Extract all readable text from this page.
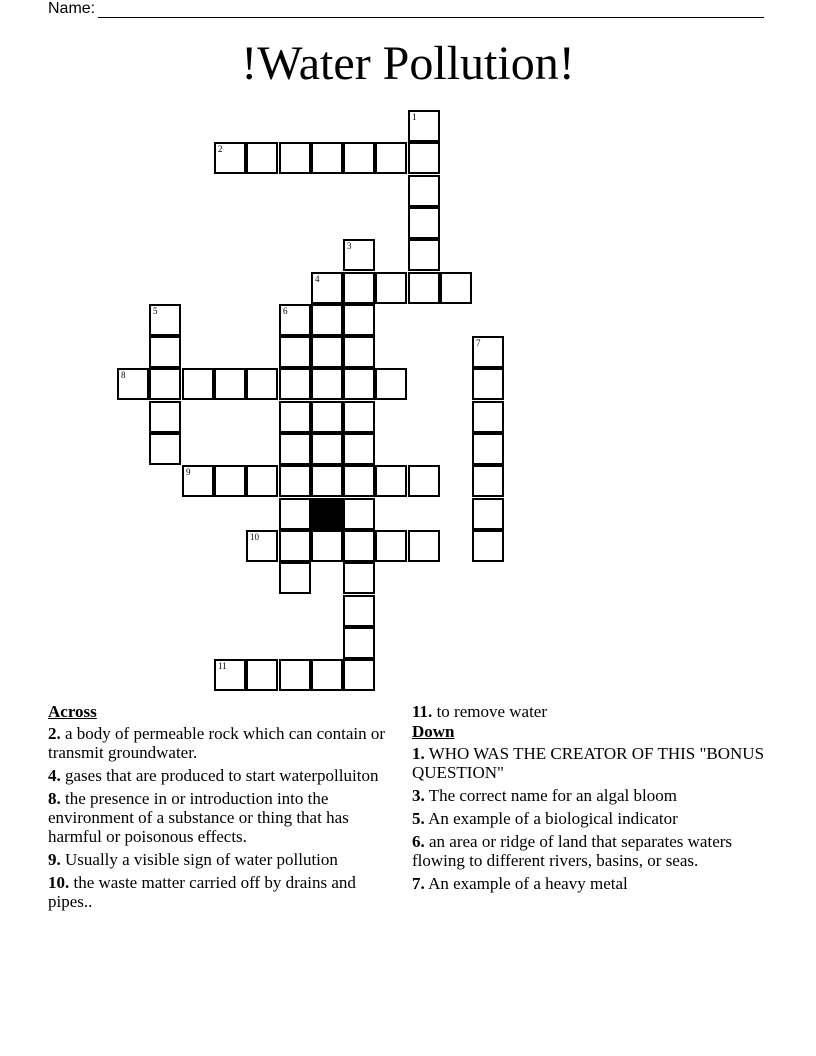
Name:
!Water Pollution!
1
2
3
4
5	6
7
8
9
10
11
Across
2. a body of permeable rock which can contain or transmit groundwater.
4. gases that are produced to start waterpolluiton
8. the presence in or introduction into the environment of a substance or thing that has harmful or poisonous effects.
9. Usually a visible sign of water pollution
10. the waste matter carried off by drains and pipes..
11. to remove water
Down
1. WHO WAS THE CREATOR OF THIS "BONUS QUESTION"
3. The correct name for an algal bloom
5. An example of a biological indicator
6. an area or ridge of land that separates waters flowing to different rivers, basins, or seas.
7. An example of a heavy metal
